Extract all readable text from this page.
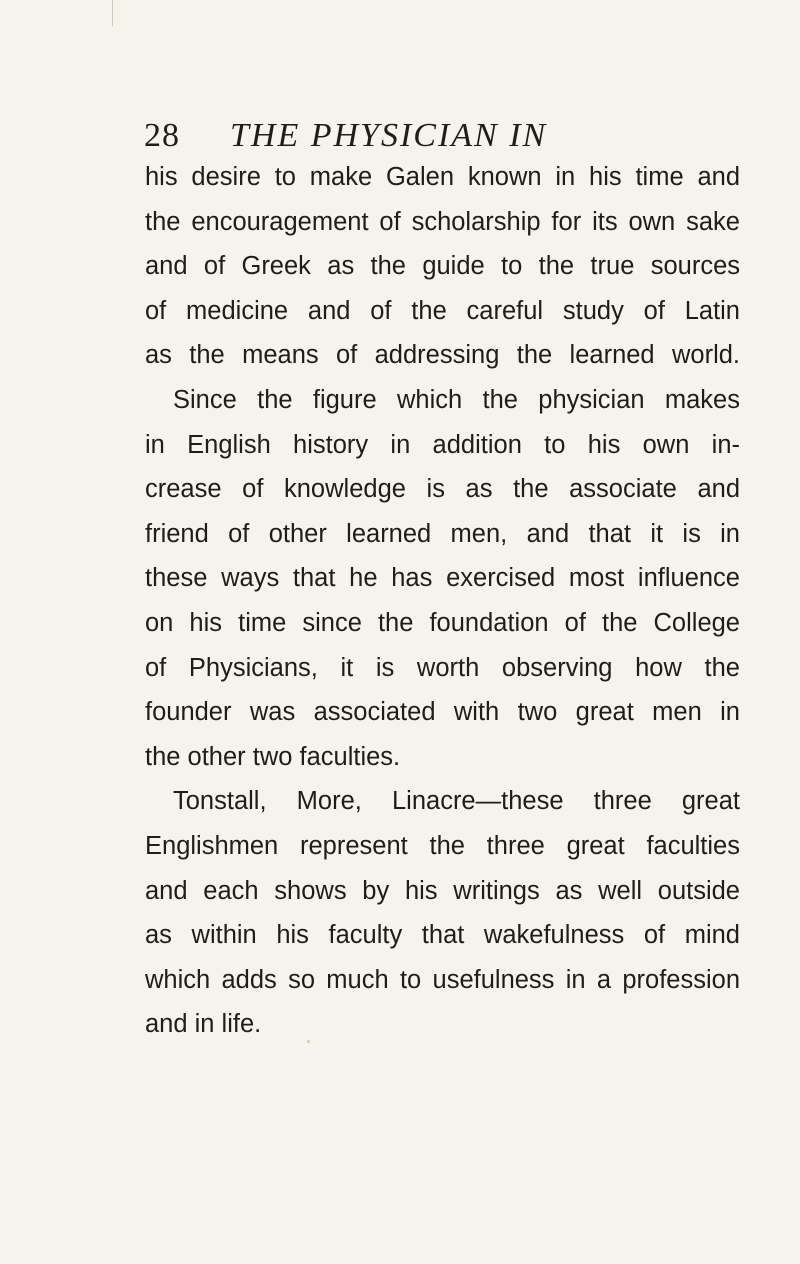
28 THE PHYSICIAN IN
his desire to make Galen known in his time and
the encouragement of scholarship for its own sake
and of Greek as the guide to the true sources
of medicine and of the careful study of Latin
as the means of addressing the learned world.
Since the figure which the physician makes
in English history in addition to his own in-
crease of knowledge is as the associate and
friend of other learned men, and that it is in
these ways that he has exercised most influence
on his time since the foundation of the College
of Physicians, it is worth observing how the
founder was associated with two great men in
the other two faculties.
Tonstall, More, Linacre—these three great
Englishmen represent the three great faculties
and each shows by his writings as well outside
as within his faculty that wakefulness of mind
which adds so much to usefulness in a profession
and in life.
